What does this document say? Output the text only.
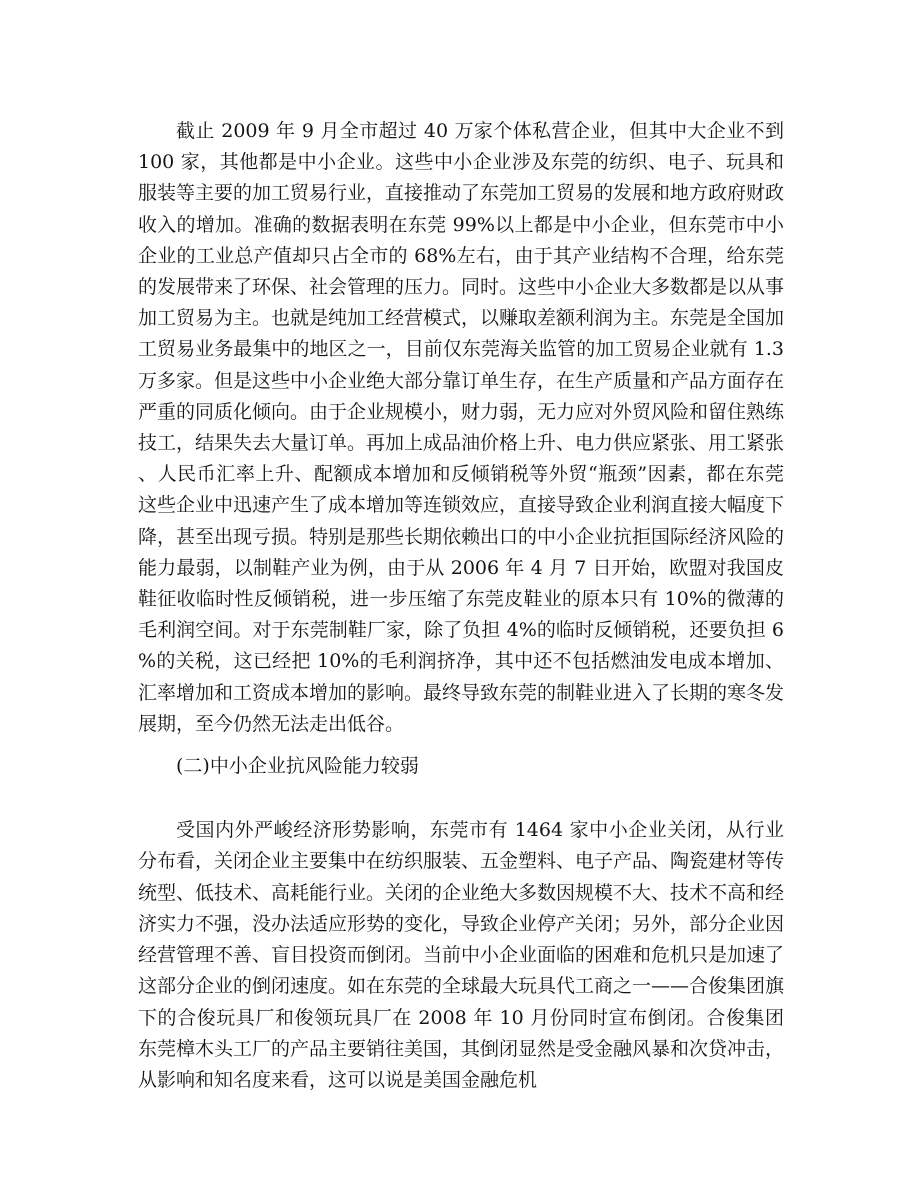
截止 2009 年 9 月全市超过 40 万家个体私营企业，但其中大企业不到 100 家，其他都是中小企业。这些中小企业涉及东莞的纺织、电子、玩具和服装等主要的加工贸易行业，直接推动了东莞加工贸易的发展和地方政府财政收入的增加。准确的数据表明在东莞 99%以上都是中小企业，但东莞市中小企业的工业总产值却只占全市的 68%左右，由于其产业结构不合理，给东莞的发展带来了环保、社会管理的压力。同时。这些中小企业大多数都是以从事加工贸易为主。也就是纯加工经营模式，以赚取差额利润为主。东莞是全国加工贸易业务最集中的地区之一，目前仅东莞海关监管的加工贸易企业就有 1.3 万多家。但是这些中小企业绝大部分靠订单生存，在生产质量和产品方面存在严重的同质化倾向。由于企业规模小，财力弱，无力应对外贸风险和留住熟练技工，结果失去大量订单。再加上成品油价格上升、电力供应紧张、用工紧张、人民币汇率上升、配额成本增加和反倾销税等外贸“瓶颈”因素，都在东莞这些企业中迅速产生了成本增加等连锁效应，直接导致企业利润直接大幅度下降，甚至出现亏损。特别是那些长期依赖出口的中小企业抗拒国际经济风险的能力最弱，以制鞋产业为例，由于从 2006 年 4 月 7 日开始，欧盟对我国皮鞋征收临时性反倾销税，进一步压缩了东莞皮鞋业的原本只有 10%的微薄的毛利润空间。对于东莞制鞋厂家，除了负担 4%的临时反倾销税，还要负担 6%的关税，这已经把 10%的毛利润挤净，其中还不包括燃油发电成本增加、汇率增加和工资成本增加的影响。最终导致东莞的制鞋业进入了长期的寒冬发展期，至今仍然无法走出低谷。

(二)中小企业抗风险能力较弱

受国内外严峻经济形势影响，东莞市有 1464 家中小企业关闭，从行业分布看，关闭企业主要集中在纺织服装、五金塑料、电子产品、陶瓷建材等传统型、低技术、高耗能行业。关闭的企业绝大多数因规模不大、技术不高和经济实力不强，没办法适应形势的变化，导致企业停产关闭；另外，部分企业因经营管理不善、盲目投资而倒闭。当前中小企业面临的困难和危机只是加速了这部分企业的倒闭速度。如在东莞的全球最大玩具代工商之一——合俊集团旗下的合俊玩具厂和俊领玩具厂在 2008 年 10 月份同时宣布倒闭。合俊集团东莞樟木头工厂的产品主要销往美国，其倒闭显然是受金融风暴和次贷冲击，从影响和知名度来看，这可以说是美国金融危机
